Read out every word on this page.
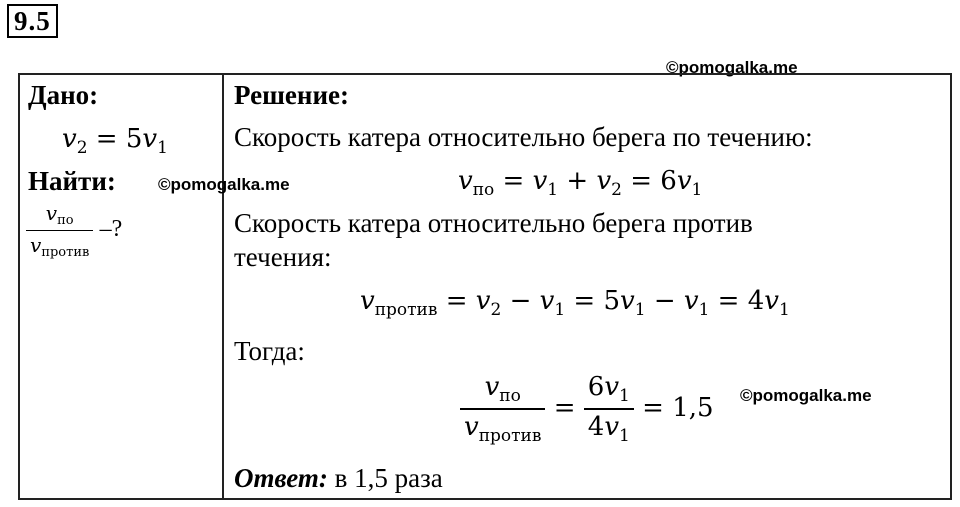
9.5
©pomogalka.me
Дано:
$v_2 = 5v_1$
Найти: ©pomogalka.me
$\frac{v_{по}}{v_{против}}$ –?
Решение:
Скорость катера относительно берега по течению:
$v_{по} = v_1 + v_2 = 6v_1$
Скорость катера относительно берега против
течения:
$v_{против} = v_2 - v_1 = 5v_1 - v_1 = 4v_1$
Тогда:
$\frac{v_{по}}{v_{против}} = \frac{6v_1}{4v_1} = 1,5$ ©pomogalka.me
Ответ: в 1,5 раза
